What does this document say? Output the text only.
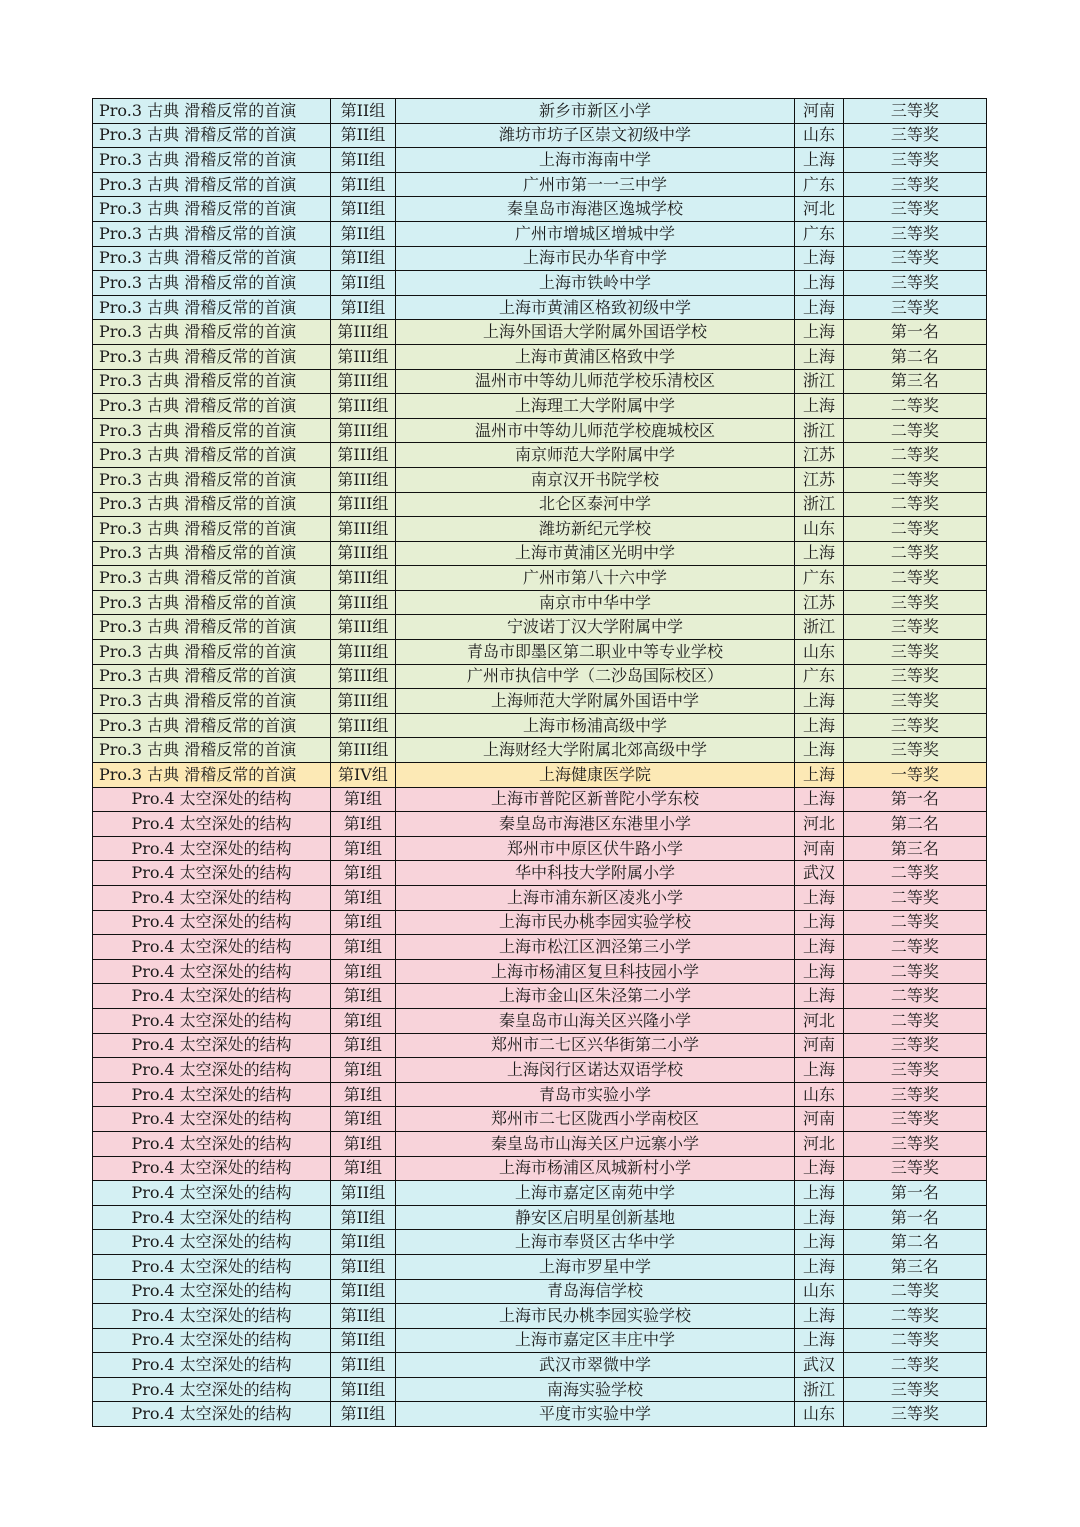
Pro.3 古典 滑稽反常的首演	第II组	新乡市新区小学	河南	三等奖
Pro.3 古典 滑稽反常的首演	第II组	潍坊市坊子区崇文初级中学	山东	三等奖
Pro.3 古典 滑稽反常的首演	第II组	上海市海南中学	上海	三等奖
Pro.3 古典 滑稽反常的首演	第II组	广州市第一一三中学	广东	三等奖
Pro.3 古典 滑稽反常的首演	第II组	秦皇岛市海港区逸城学校	河北	三等奖
Pro.3 古典 滑稽反常的首演	第II组	广州市增城区增城中学	广东	三等奖
Pro.3 古典 滑稽反常的首演	第II组	上海市民办华育中学	上海	三等奖
Pro.3 古典 滑稽反常的首演	第II组	上海市铁岭中学	上海	三等奖
Pro.3 古典 滑稽反常的首演	第II组	上海市黄浦区格致初级中学	上海	三等奖
Pro.3 古典 滑稽反常的首演	第III组	上海外国语大学附属外国语学校	上海	第一名
Pro.3 古典 滑稽反常的首演	第III组	上海市黄浦区格致中学	上海	第二名
Pro.3 古典 滑稽反常的首演	第III组	温州市中等幼儿师范学校乐清校区	浙江	第三名
Pro.3 古典 滑稽反常的首演	第III组	上海理工大学附属中学	上海	二等奖
Pro.3 古典 滑稽反常的首演	第III组	温州市中等幼儿师范学校鹿城校区	浙江	二等奖
Pro.3 古典 滑稽反常的首演	第III组	南京师范大学附属中学	江苏	二等奖
Pro.3 古典 滑稽反常的首演	第III组	南京汉开书院学校	江苏	二等奖
Pro.3 古典 滑稽反常的首演	第III组	北仑区泰河中学	浙江	二等奖
Pro.3 古典 滑稽反常的首演	第III组	潍坊新纪元学校	山东	二等奖
Pro.3 古典 滑稽反常的首演	第III组	上海市黄浦区光明中学	上海	二等奖
Pro.3 古典 滑稽反常的首演	第III组	广州市第八十六中学	广东	二等奖
Pro.3 古典 滑稽反常的首演	第III组	南京市中华中学	江苏	三等奖
Pro.3 古典 滑稽反常的首演	第III组	宁波诺丁汉大学附属中学	浙江	三等奖
Pro.3 古典 滑稽反常的首演	第III组	青岛市即墨区第二职业中等专业学校	山东	三等奖
Pro.3 古典 滑稽反常的首演	第III组	广州市执信中学（二沙岛国际校区）	广东	三等奖
Pro.3 古典 滑稽反常的首演	第III组	上海师范大学附属外国语中学	上海	三等奖
Pro.3 古典 滑稽反常的首演	第III组	上海市杨浦高级中学	上海	三等奖
Pro.3 古典 滑稽反常的首演	第III组	上海财经大学附属北郊高级中学	上海	三等奖
Pro.3 古典 滑稽反常的首演	第IV组	上海健康医学院	上海	一等奖
Pro.4 太空深处的结构	第I组	上海市普陀区新普陀小学东校	上海	第一名
Pro.4 太空深处的结构	第I组	秦皇岛市海港区东港里小学	河北	第二名
Pro.4 太空深处的结构	第I组	郑州市中原区伏牛路小学	河南	第三名
Pro.4 太空深处的结构	第I组	华中科技大学附属小学	武汉	二等奖
Pro.4 太空深处的结构	第I组	上海市浦东新区凌兆小学	上海	二等奖
Pro.4 太空深处的结构	第I组	上海市民办桃李园实验学校	上海	二等奖
Pro.4 太空深处的结构	第I组	上海市松江区泗泾第三小学	上海	二等奖
Pro.4 太空深处的结构	第I组	上海市杨浦区复旦科技园小学	上海	二等奖
Pro.4 太空深处的结构	第I组	上海市金山区朱泾第二小学	上海	二等奖
Pro.4 太空深处的结构	第I组	秦皇岛市山海关区兴隆小学	河北	二等奖
Pro.4 太空深处的结构	第I组	郑州市二七区兴华街第二小学	河南	三等奖
Pro.4 太空深处的结构	第I组	上海闵行区诺达双语学校	上海	三等奖
Pro.4 太空深处的结构	第I组	青岛市实验小学	山东	三等奖
Pro.4 太空深处的结构	第I组	郑州市二七区陇西小学南校区	河南	三等奖
Pro.4 太空深处的结构	第I组	秦皇岛市山海关区户远寨小学	河北	三等奖
Pro.4 太空深处的结构	第I组	上海市杨浦区凤城新村小学	上海	三等奖
Pro.4 太空深处的结构	第II组	上海市嘉定区南苑中学	上海	第一名
Pro.4 太空深处的结构	第II组	静安区启明星创新基地	上海	第一名
Pro.4 太空深处的结构	第II组	上海市奉贤区古华中学	上海	第二名
Pro.4 太空深处的结构	第II组	上海市罗星中学	上海	第三名
Pro.4 太空深处的结构	第II组	青岛海信学校	山东	二等奖
Pro.4 太空深处的结构	第II组	上海市民办桃李园实验学校	上海	二等奖
Pro.4 太空深处的结构	第II组	上海市嘉定区丰庄中学	上海	二等奖
Pro.4 太空深处的结构	第II组	武汉市翠微中学	武汉	二等奖
Pro.4 太空深处的结构	第II组	南海实验学校	浙江	三等奖
Pro.4 太空深处的结构	第II组	平度市实验中学	山东	三等奖
